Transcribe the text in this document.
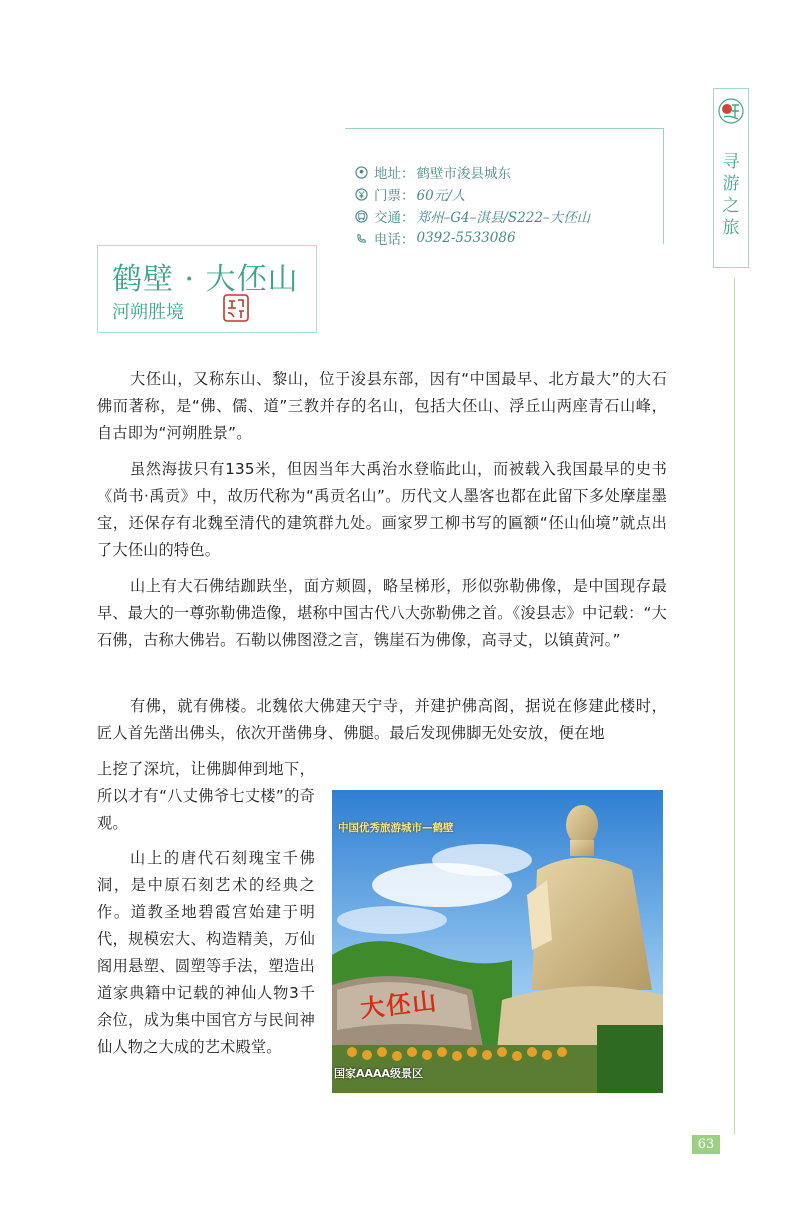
地址： 鹤壁市浚县城东
门票： 60元/人
交通： 郑州–G4–淇县/S222–大伾山
电话： 0392-5533086
鹤壁 · 大伾山
河朔胜境
寻
游
之
旅

大伾山，又称东山、黎山，位于浚县东部，因有“中国最早、北方最大”的大石佛而著称，是“佛、儒、道”三教并存的名山，包括大伾山、浮丘山两座青石山峰，自古即为“河朔胜景”。

虽然海拔只有135米，但因当年大禹治水登临此山，而被载入我国最早的史书《尚书·禹贡》中，故历代称为“禹贡名山”。历代文人墨客也都在此留下多处摩崖墨宝，还保存有北魏至清代的建筑群九处。画家罗工柳书写的匾额“伾山仙境”就点出了大伾山的特色。

山上有大石佛结跏趺坐，面方颊圆，略呈梯形，形似弥勒佛像，是中国现存最早、最大的一尊弥勒佛造像，堪称中国古代八大弥勒佛之首。《浚县志》中记载：“大石佛，古称大佛岩。石勒以佛图澄之言，镌崖石为佛像，高寻丈，以镇黄河。”

有佛，就有佛楼。北魏依大佛建天宁寺，并建护佛高阁，据说在修建此楼时，匠人首先凿出佛头，依次开凿佛身、佛腿。最后发现佛脚无处安放，便在地

上挖了深坑，让佛脚伸到地下，所以才有“八丈佛爷七丈楼”的奇观。

山上的唐代石刻瑰宝千佛洞，是中原石刻艺术的经典之作。道教圣地碧霞宫始建于明代，规模宏大、构造精美，万仙阁用悬塑、圆塑等手法，塑造出道家典籍中记载的神仙人物3千余位，成为集中国官方与民间神仙人物之大成的艺术殿堂。

中国优秀旅游城市—鹤壁
大伾山
国家AAAA级景区
63
